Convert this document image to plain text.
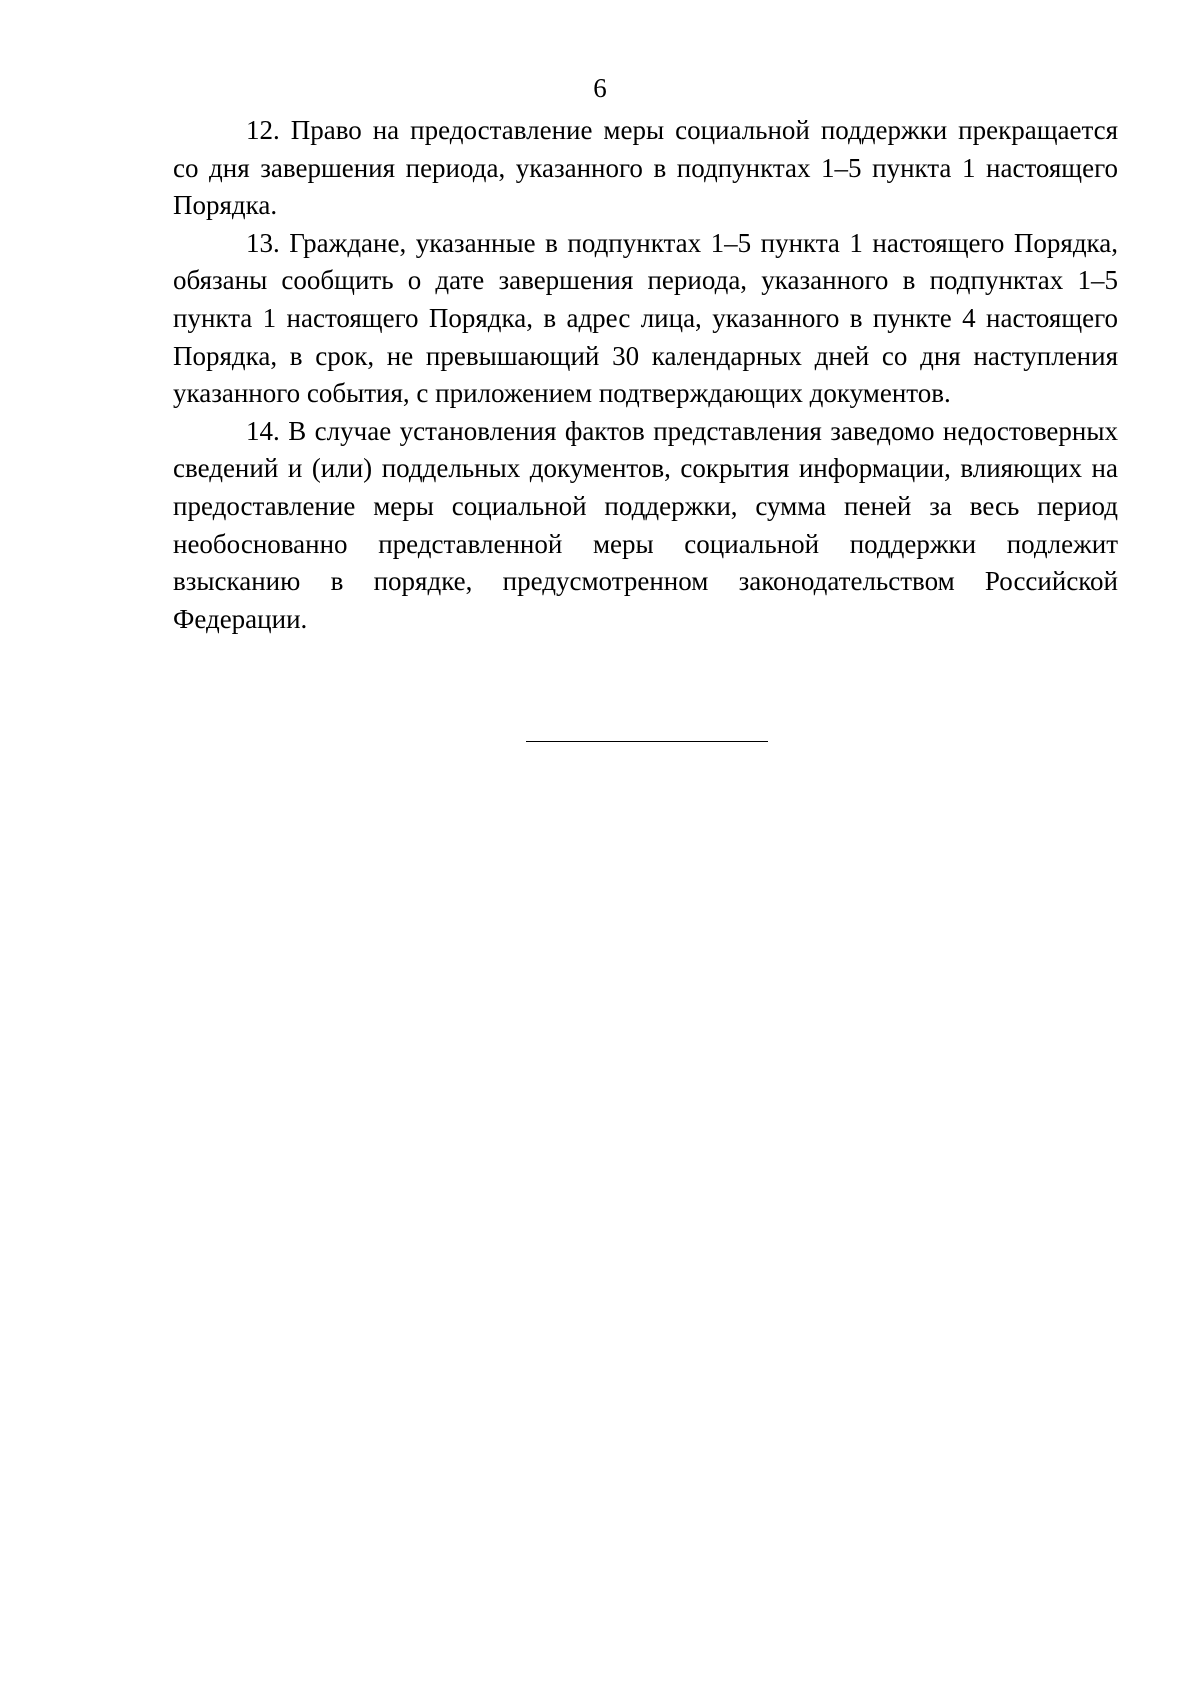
6

12. Право на предоставление меры социальной поддержки прекращается со дня завершения периода, указанного в подпунктах 1–5 пункта 1 настоящего Порядка.

13. Граждане, указанные в подпунктах 1–5 пункта 1 настоящего Порядка, обязаны сообщить о дате завершения периода, указанного в подпунктах 1–5 пункта 1 настоящего Порядка, в адрес лица, указанного в пункте 4 настоящего Порядка, в срок, не превышающий 30 календарных дней со дня наступления указанного события, с приложением подтверждающих документов.

14. В случае установления фактов представления заведомо недостоверных сведений и (или) поддельных документов, сокрытия информации, влияющих на предоставление меры социальной поддержки, сумма пеней за весь период необоснованно представленной меры социальной поддержки подлежит взысканию в порядке, предусмотренном законодательством Российской Федерации.
